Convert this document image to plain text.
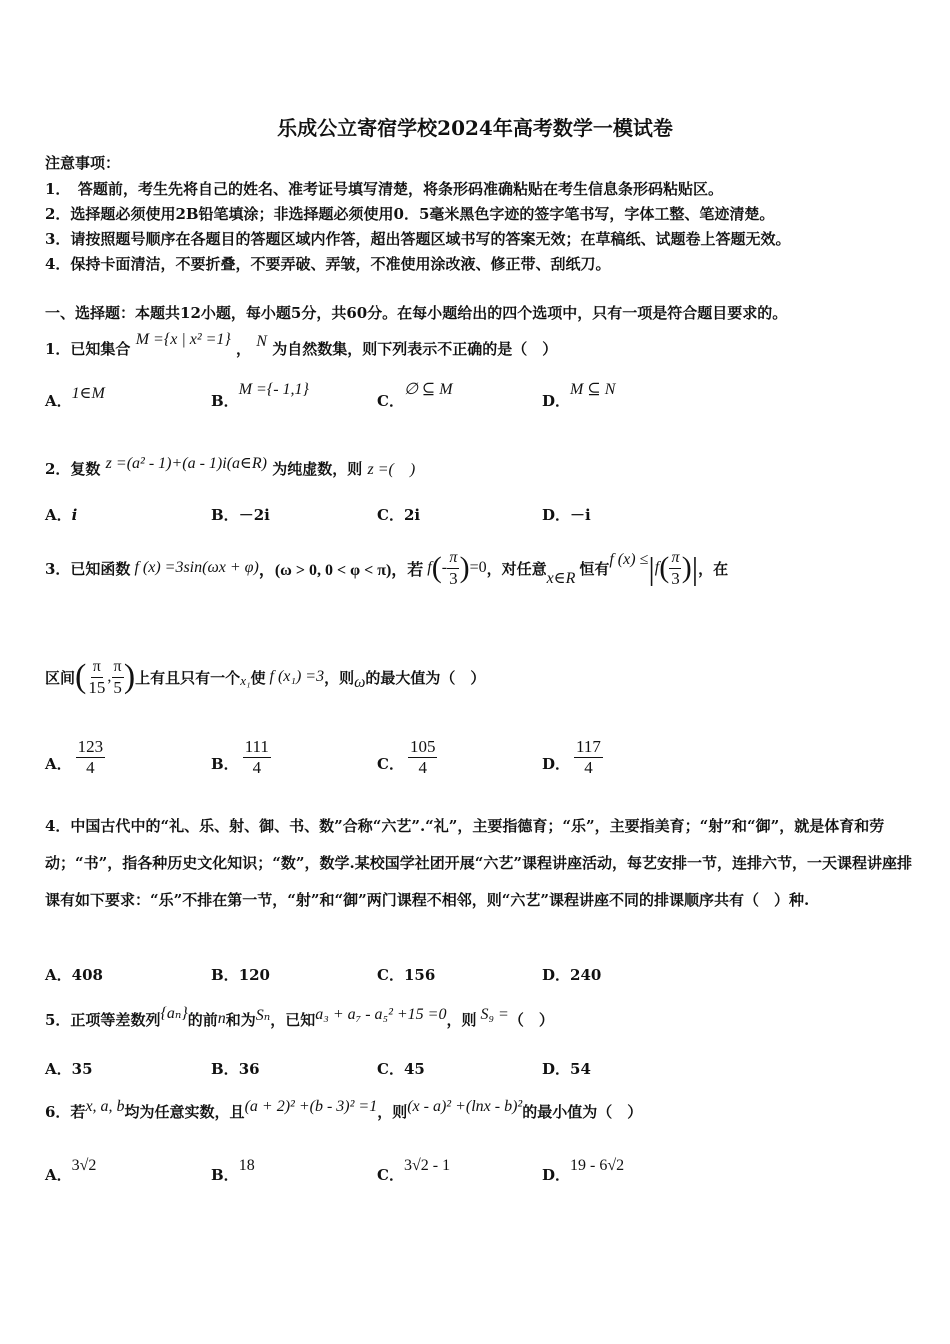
乐成公立寄宿学校2024年高考数学一模试卷
注意事项：
1．　答题前，考生先将自己的姓名、准考证号填写清楚，将条形码准确粘贴在考生信息条形码粘贴区。
2．选择题必须使用2B铅笔填涂；非选择题必须使用0．5毫米黑色字迹的签字笔书写，字体工整、笔迹清楚。
3．请按照题号顺序在各题目的答题区域内作答，超出答题区域书写的答案无效；在草稿纸、试题卷上答题无效。
4．保持卡面清洁，不要折叠，不要弄破、弄皱，不准使用涂改液、修正带、刮纸刀。
一、选择题：本题共12小题，每小题5分，共60分。在每小题给出的四个选项中，只有一项是符合题目要求的。
1．已知集合 M ={x | x² =1} ， N 为自然数集，则下列表示不正确的是（　）
A．1∈M	B．M ={- 1,1}
C．∅ ⊆ M
D．M ⊆ N
2．复数 z =(a² - 1)+(a - 1)i(a∈R) 为纯虚数，则 z =(　)
A．i	B．－2i	C．2i	D．－i
3．已知函数 f (x) =3sin(ωx + φ) ，(ω > 0, 0 < φ < π)，若 f ( - $\frac{\pi}{3}$ ) =0 ，对任意
x∈R
恒有 f (x) ≤ | f ( $\frac{\pi}{3}$ ) | ，在
区间 ( $\frac{\pi}{15}$ , $\frac{\pi}{5}$ ) 上有且只有一个 x₁ 使 f (x₁) =3 ，则 ω 的最大值为（　）
A． $\frac{123}{4}$	B． $\frac{111}{4}$	C． $\frac{105}{4}$	D． $\frac{117}{4}$
4．中国古代中的“礼、乐、射、御、书、数”合称“六艺”.“礼”，主要指德育；“乐”，主要指美育；“射”和“御”，就是体育和劳动；“书”，指各种历史文化知识；“数”，数学.某校国学社团开展“六艺”课程讲座活动，每艺安排一节，连排六节，一天课程讲座排课有如下要求：“乐”不排在第一节，“射”和“御”两门课程不相邻，则“六艺”课程讲座不同的排课顺序共有（　）种.
A．408	B．120	C．156	D．240
5．正项等差数列 {aₙ} 的前 n 和为 Sₙ ，已知 a₃ + a₇ - a₅² +15 =0 ，则 S₉ = （　）
A．35	B．36	C．45	D．54
6．若 x, a, b 均为任意实数，且 (a + 2)² +(b - 3)² =1 ，则 (x - a)² +(lnx - b)² 的最小值为（　）
A．3√2
B．18
C．3√2 - 1
D．19 - 6√2
